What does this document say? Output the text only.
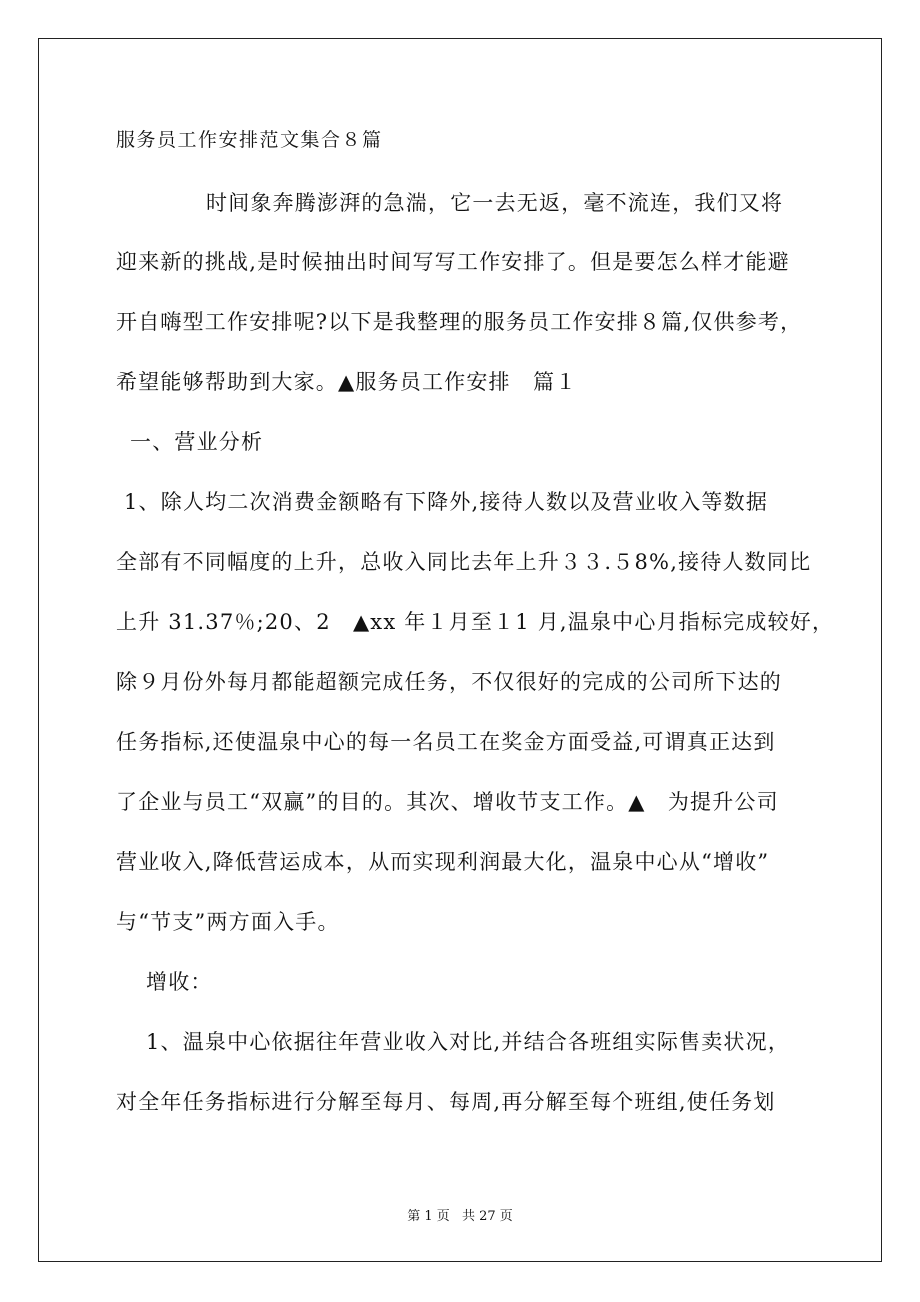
服务员工作安排范文集合８篇
时间象奔腾澎湃的急湍，它一去无返，毫不流连，我们又将
迎来新的挑战,是时候抽出时间写写工作安排了。但是要怎么样才能避
开自嗨型工作安排呢?以下是我整理的服务员工作安排８篇,仅供参考，
希望能够帮助到大家。▲服务员工作安排　篇１
一、营业分析
1、除人均二次消费金额略有下降外,接待人数以及营业收入等数据
全部有不同幅度的上升，总收入同比去年上升３３.５8%,接待人数同比
上升 31.37％;20、2　▲xx 年１月至１1 月,温泉中心月指标完成较好，
除９月份外每月都能超额完成任务，不仅很好的完成的公司所下达的
任务指标,还使温泉中心的每一名员工在奖金方面受益,可谓真正达到
了企业与员工“双赢”的目的。其次、增收节支工作。▲　为提升公司
营业收入,降低营运成本，从而实现利润最大化，温泉中心从“增收”
与“节支”两方面入手。
增收：
1、温泉中心依据往年营业收入对比,并结合各班组实际售卖状况，
对全年任务指标进行分解至每月、每周,再分解至每个班组,使任务划
第 1 页 共 27 页
